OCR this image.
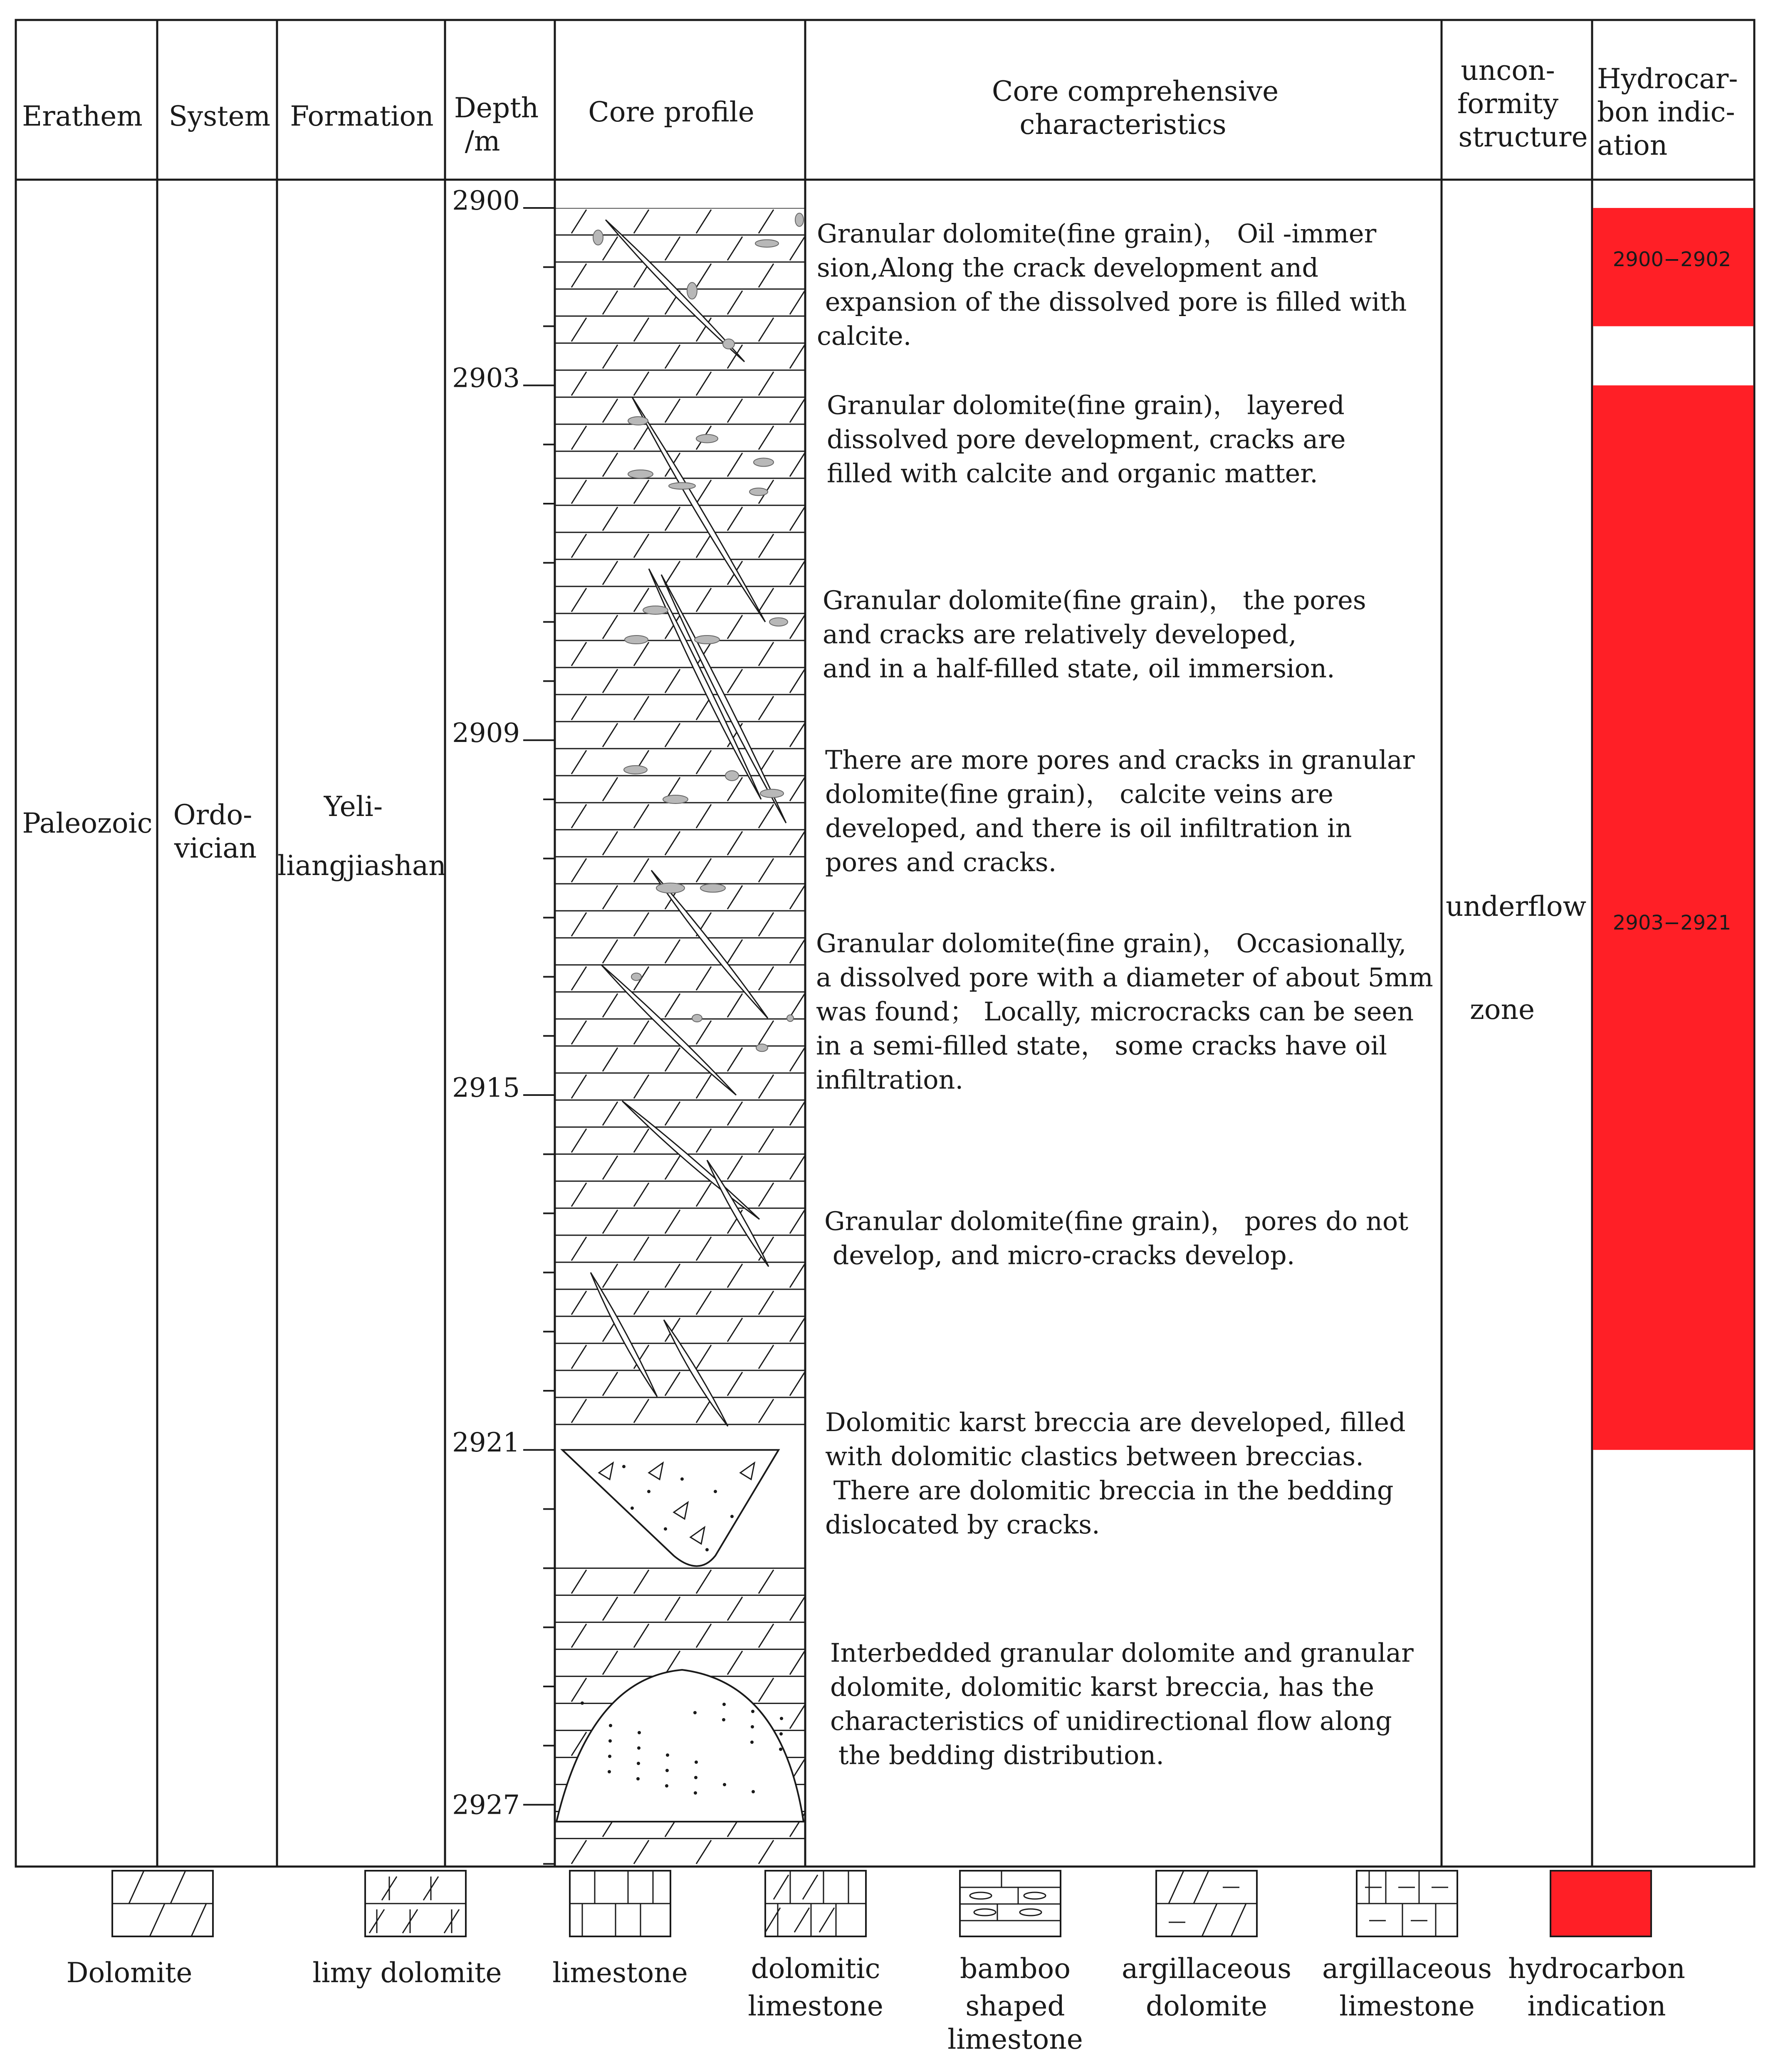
Erathem System Formation Depth /m
Core profile
Core comprehensive characteristics
uncon- formity structure
Hydrocar- bon indic- ation
Paleozoic Ordo- vician
Yeli- liangjiashan
underflow zone
2900
2903
2909
2915
2921
2927
Granular dolomite(fine grain)， Oil -immer sion,Along the crack development and expansion of the dissolved pore is filled with calcite.
Granular dolomite(fine grain)， layered dissolved pore development, cracks are filled with calcite and organic matter.
Granular dolomite(fine grain)， the pores and cracks are relatively developed, and in a half-filled state, oil immersion.
There are more pores and cracks in granular dolomite(fine grain)， calcite veins are developed, and there is oil infiltration in pores and cracks.
Granular dolomite(fine grain)， Occasionally, a dissolved pore with a diameter of about 5mm was found； Locally, microcracks can be seen in a semi-filled state， some cracks have oil infiltration.
Granular dolomite(fine grain)， pores do not develop, and micro-cracks develop.
Dolomitic karst breccia are developed, filled with dolomitic clastics between breccias. There are dolomitic breccia in the bedding dislocated by cracks.
Interbedded granular dolomite and granular dolomite, dolomitic karst breccia, has the characteristics of unidirectional flow along the bedding distribution.
2900−2902
2903−2921
Dolomite	limy dolomite limestone dolomitic limestone
bamboo shaped limestone
argillaceous dolomite
argillaceous limestone
hydrocarbon indication
